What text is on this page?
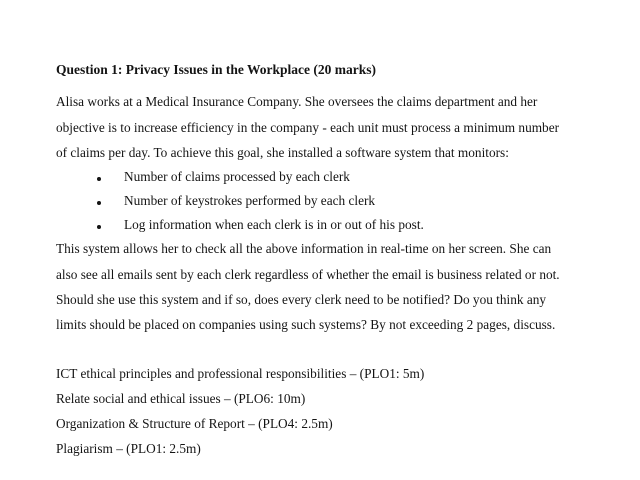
Question 1: Privacy Issues in the Workplace (20 marks)
Alisa works at a Medical Insurance Company. She oversees the claims department and her
objective is to increase efficiency in the company - each unit must process a minimum number
of claims per day. To achieve this goal, she installed a software system that monitors:
Number of claims processed by each clerk
Number of keystrokes performed by each clerk
Log information when each clerk is in or out of his post.
This system allows her to check all the above information in real-time on her screen. She can
also see all emails sent by each clerk regardless of whether the email is business related or not.
Should she use this system and if so, does every clerk need to be notified? Do you think any
limits should be placed on companies using such systems? By not exceeding 2 pages, discuss.
ICT ethical principles and professional responsibilities – (PLO1: 5m)
Relate social and ethical issues – (PLO6: 10m)
Organization & Structure of Report – (PLO4: 2.5m)
Plagiarism – (PLO1: 2.5m)
